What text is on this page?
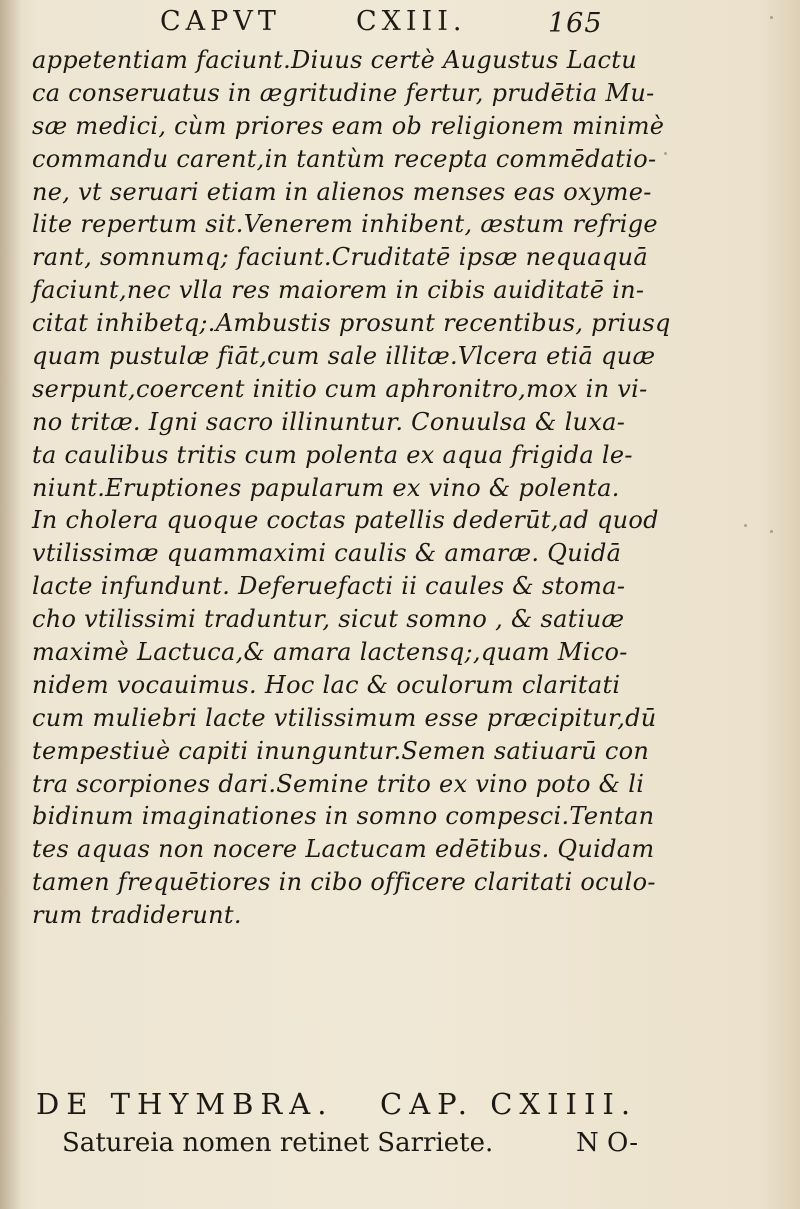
CAPVT	CXIII.	165
appetentiam faciunt.Diuus certè Augustus Lactu
ca conseruatus in ægritudine fertur, prudētia Mu-
sæ medici, cùm priores eam ob religionem minimè
commandu carent,in tantùm recepta commēdatio-
ne, vt seruari etiam in alienos menses eas oxyme-
lite repertum sit.Venerem inhibent, æstum refrige
rant, somnumq; faciunt.Cruditatē ipsæ nequaquā
faciunt,nec vlla res maiorem in cibis auiditatē in-
citat inhibetq;.Ambustis prosunt recentibus, priusq
quam pustulæ fiāt,cum sale illitæ.Vlcera etiā quæ
serpunt,coercent initio cum aphronitro,mox in vi-
no tritæ. Igni sacro illinuntur. Conuulsa & luxa-
ta caulibus tritis cum polenta ex aqua frigida le-
niunt.Eruptiones papularum ex vino & polenta.
In cholera quoque coctas patellis dederūt,ad quod
vtilissimæ quammaximi caulis & amaræ. Quidā
lacte infundunt. Deferuefacti ii caules & stoma-
cho vtilissimi traduntur, sicut somno , & satiuæ
maximè Lactuca,& amara lactensq;,quam Mico-
nidem vocauimus. Hoc lac & oculorum claritati
cum muliebri lacte vtilissimum esse præcipitur,dū
tempestiuè capiti inunguntur.Semen satiuarū con
tra scorpiones dari.Semine trito ex vino poto & li
bidinum imaginationes in somno compesci.Tentan
tes aquas non nocere Lactucam edētibus. Quidam
tamen frequētiores in cibo officere claritati oculo-
rum tradiderunt.
DE THYMBRA. CAP. CXIIII.
Satureia nomen retinet Sarriete.	N O-
